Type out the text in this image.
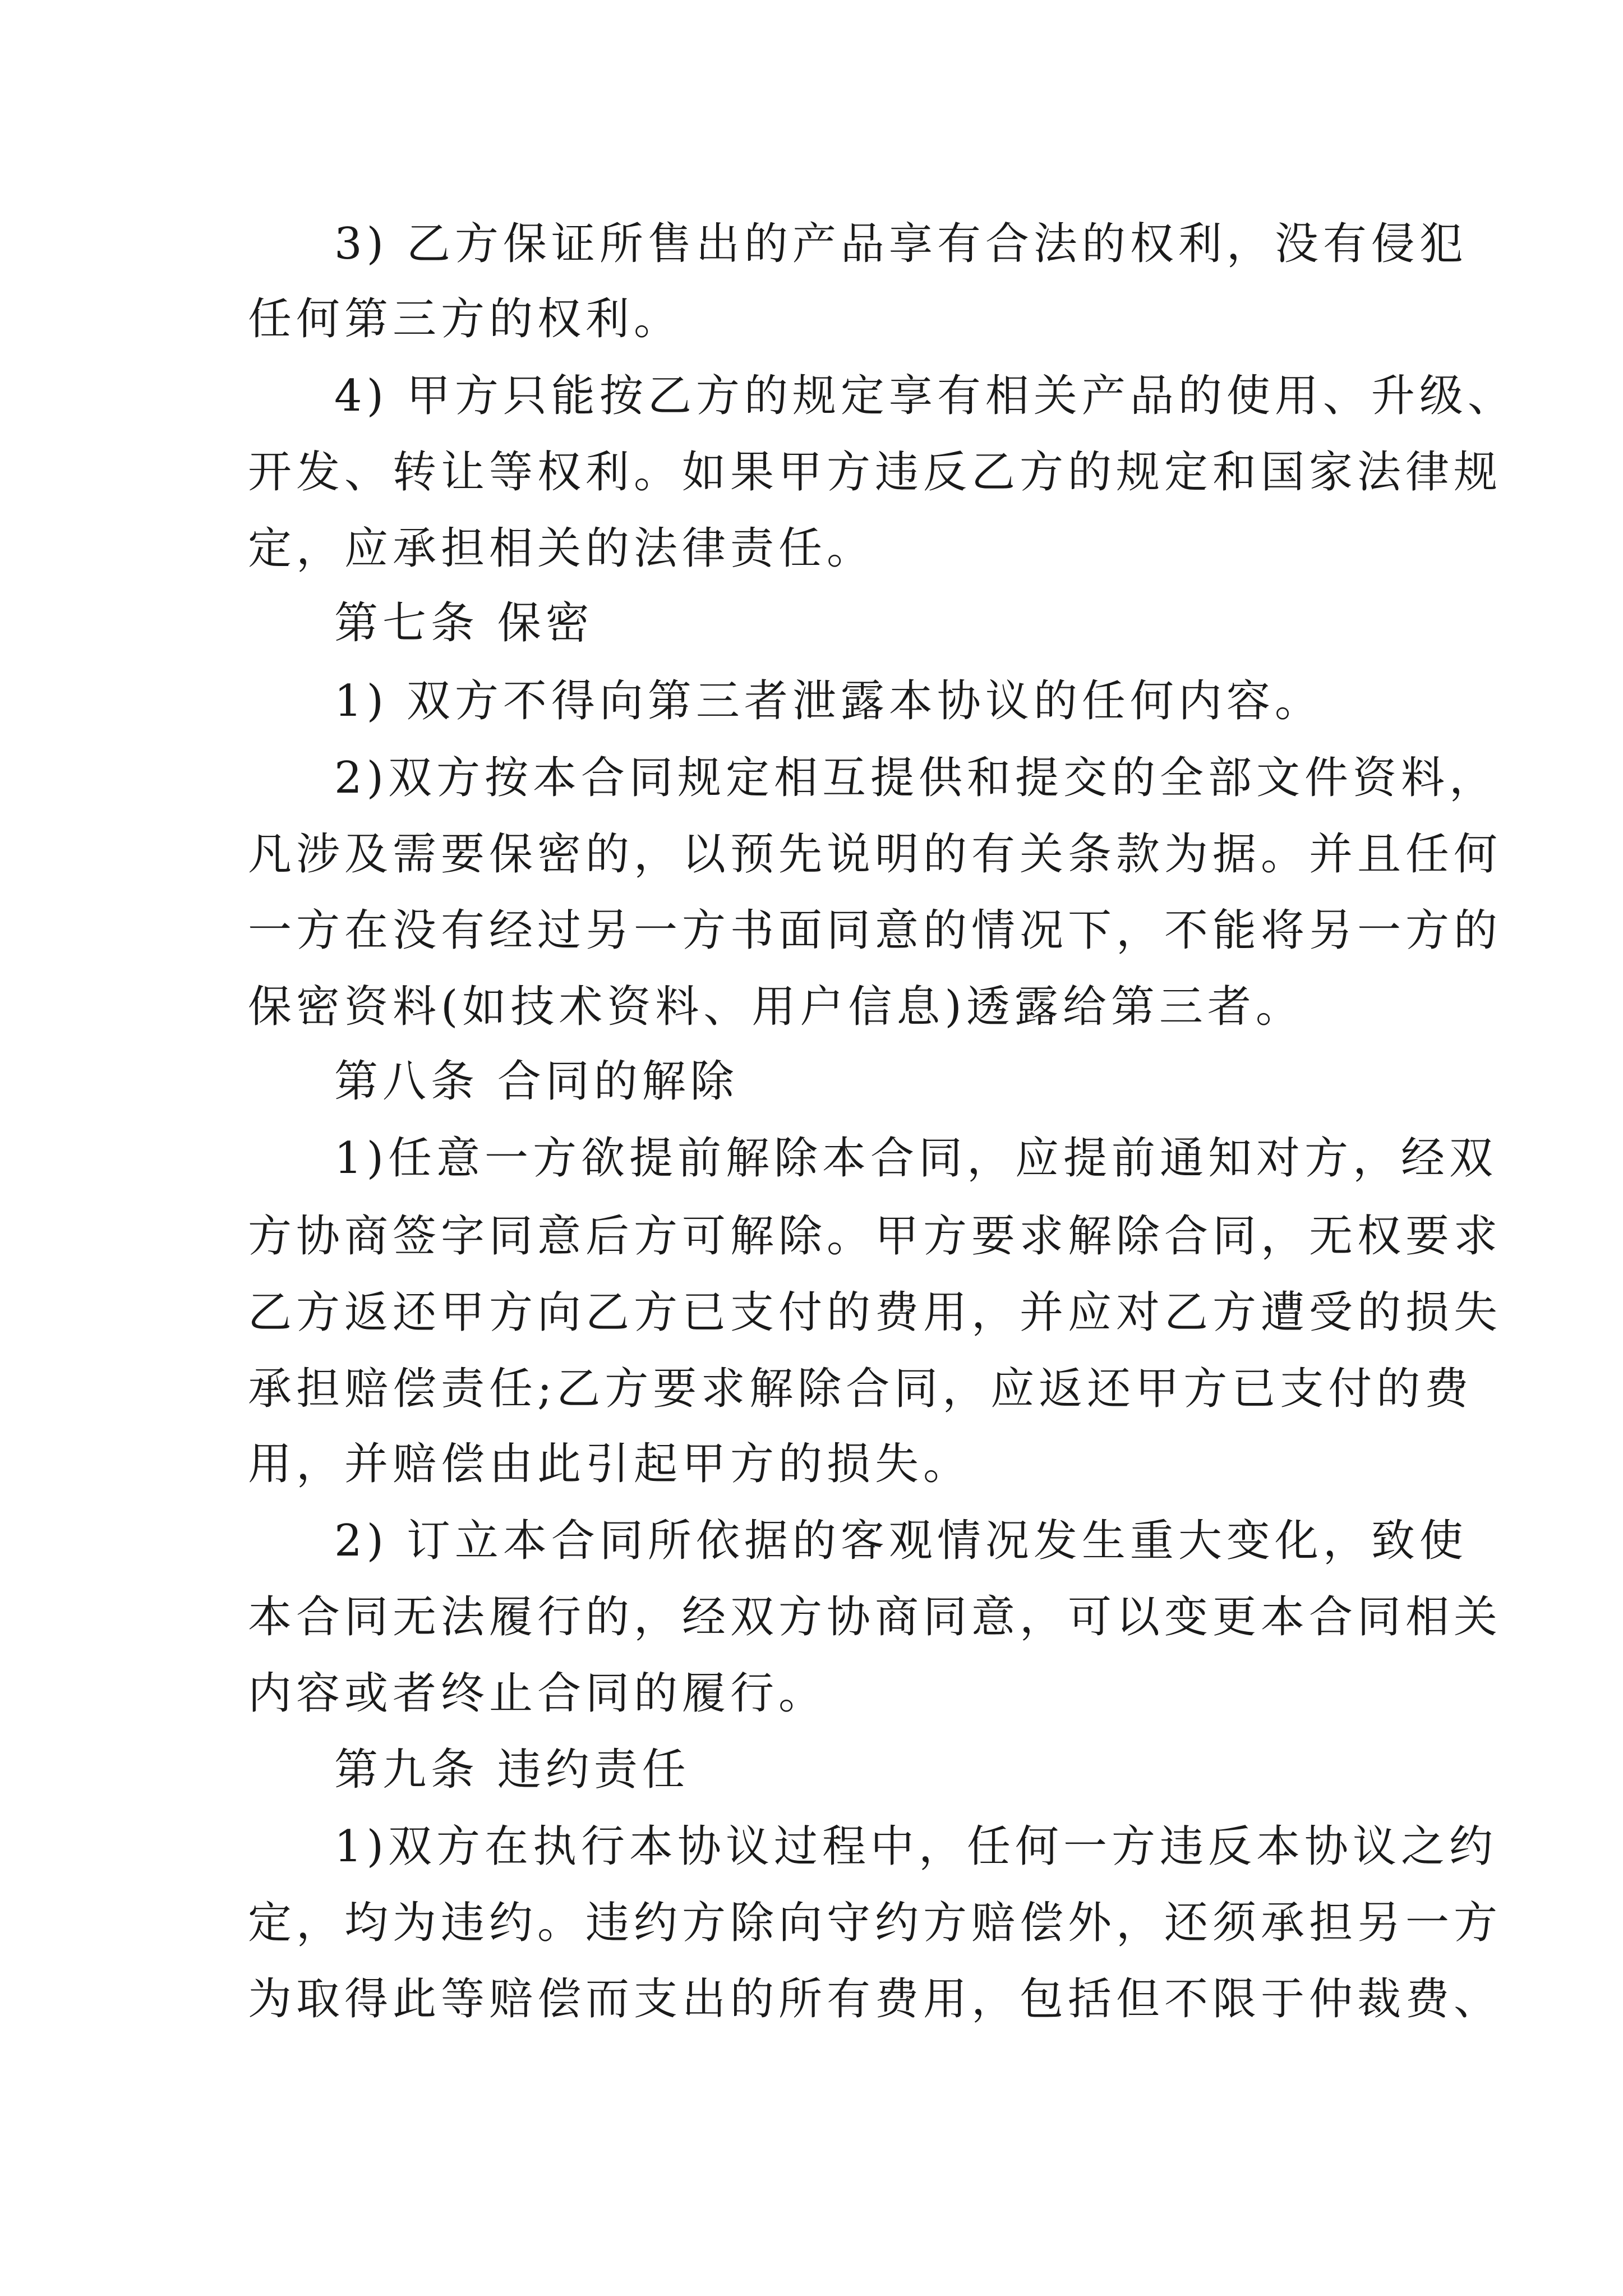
3) 乙方保证所售出的产品享有合法的权利，没有侵犯

任何第三方的权利。

4) 甲方只能按乙方的规定享有相关产品的使用、升级、

开发、转让等权利。如果甲方违反乙方的规定和国家法律规

定，应承担相关的法律责任。

第七条 保密

1) 双方不得向第三者泄露本协议的任何内容。

2)双方按本合同规定相互提供和提交的全部文件资料，

凡涉及需要保密的，以预先说明的有关条款为据。并且任何

一方在没有经过另一方书面同意的情况下，不能将另一方的

保密资料(如技术资料、用户信息)透露给第三者。

第八条 合同的解除

1)任意一方欲提前解除本合同，应提前通知对方，经双

方协商签字同意后方可解除。甲方要求解除合同，无权要求

乙方返还甲方向乙方已支付的费用，并应对乙方遭受的损失

承担赔偿责任;乙方要求解除合同，应返还甲方已支付的费

用，并赔偿由此引起甲方的损失。

2) 订立本合同所依据的客观情况发生重大变化，致使

本合同无法履行的，经双方协商同意，可以变更本合同相关

内容或者终止合同的履行。

第九条 违约责任

1)双方在执行本协议过程中，任何一方违反本协议之约

定，均为违约。违约方除向守约方赔偿外，还须承担另一方

为取得此等赔偿而支出的所有费用，包括但不限于仲裁费、
